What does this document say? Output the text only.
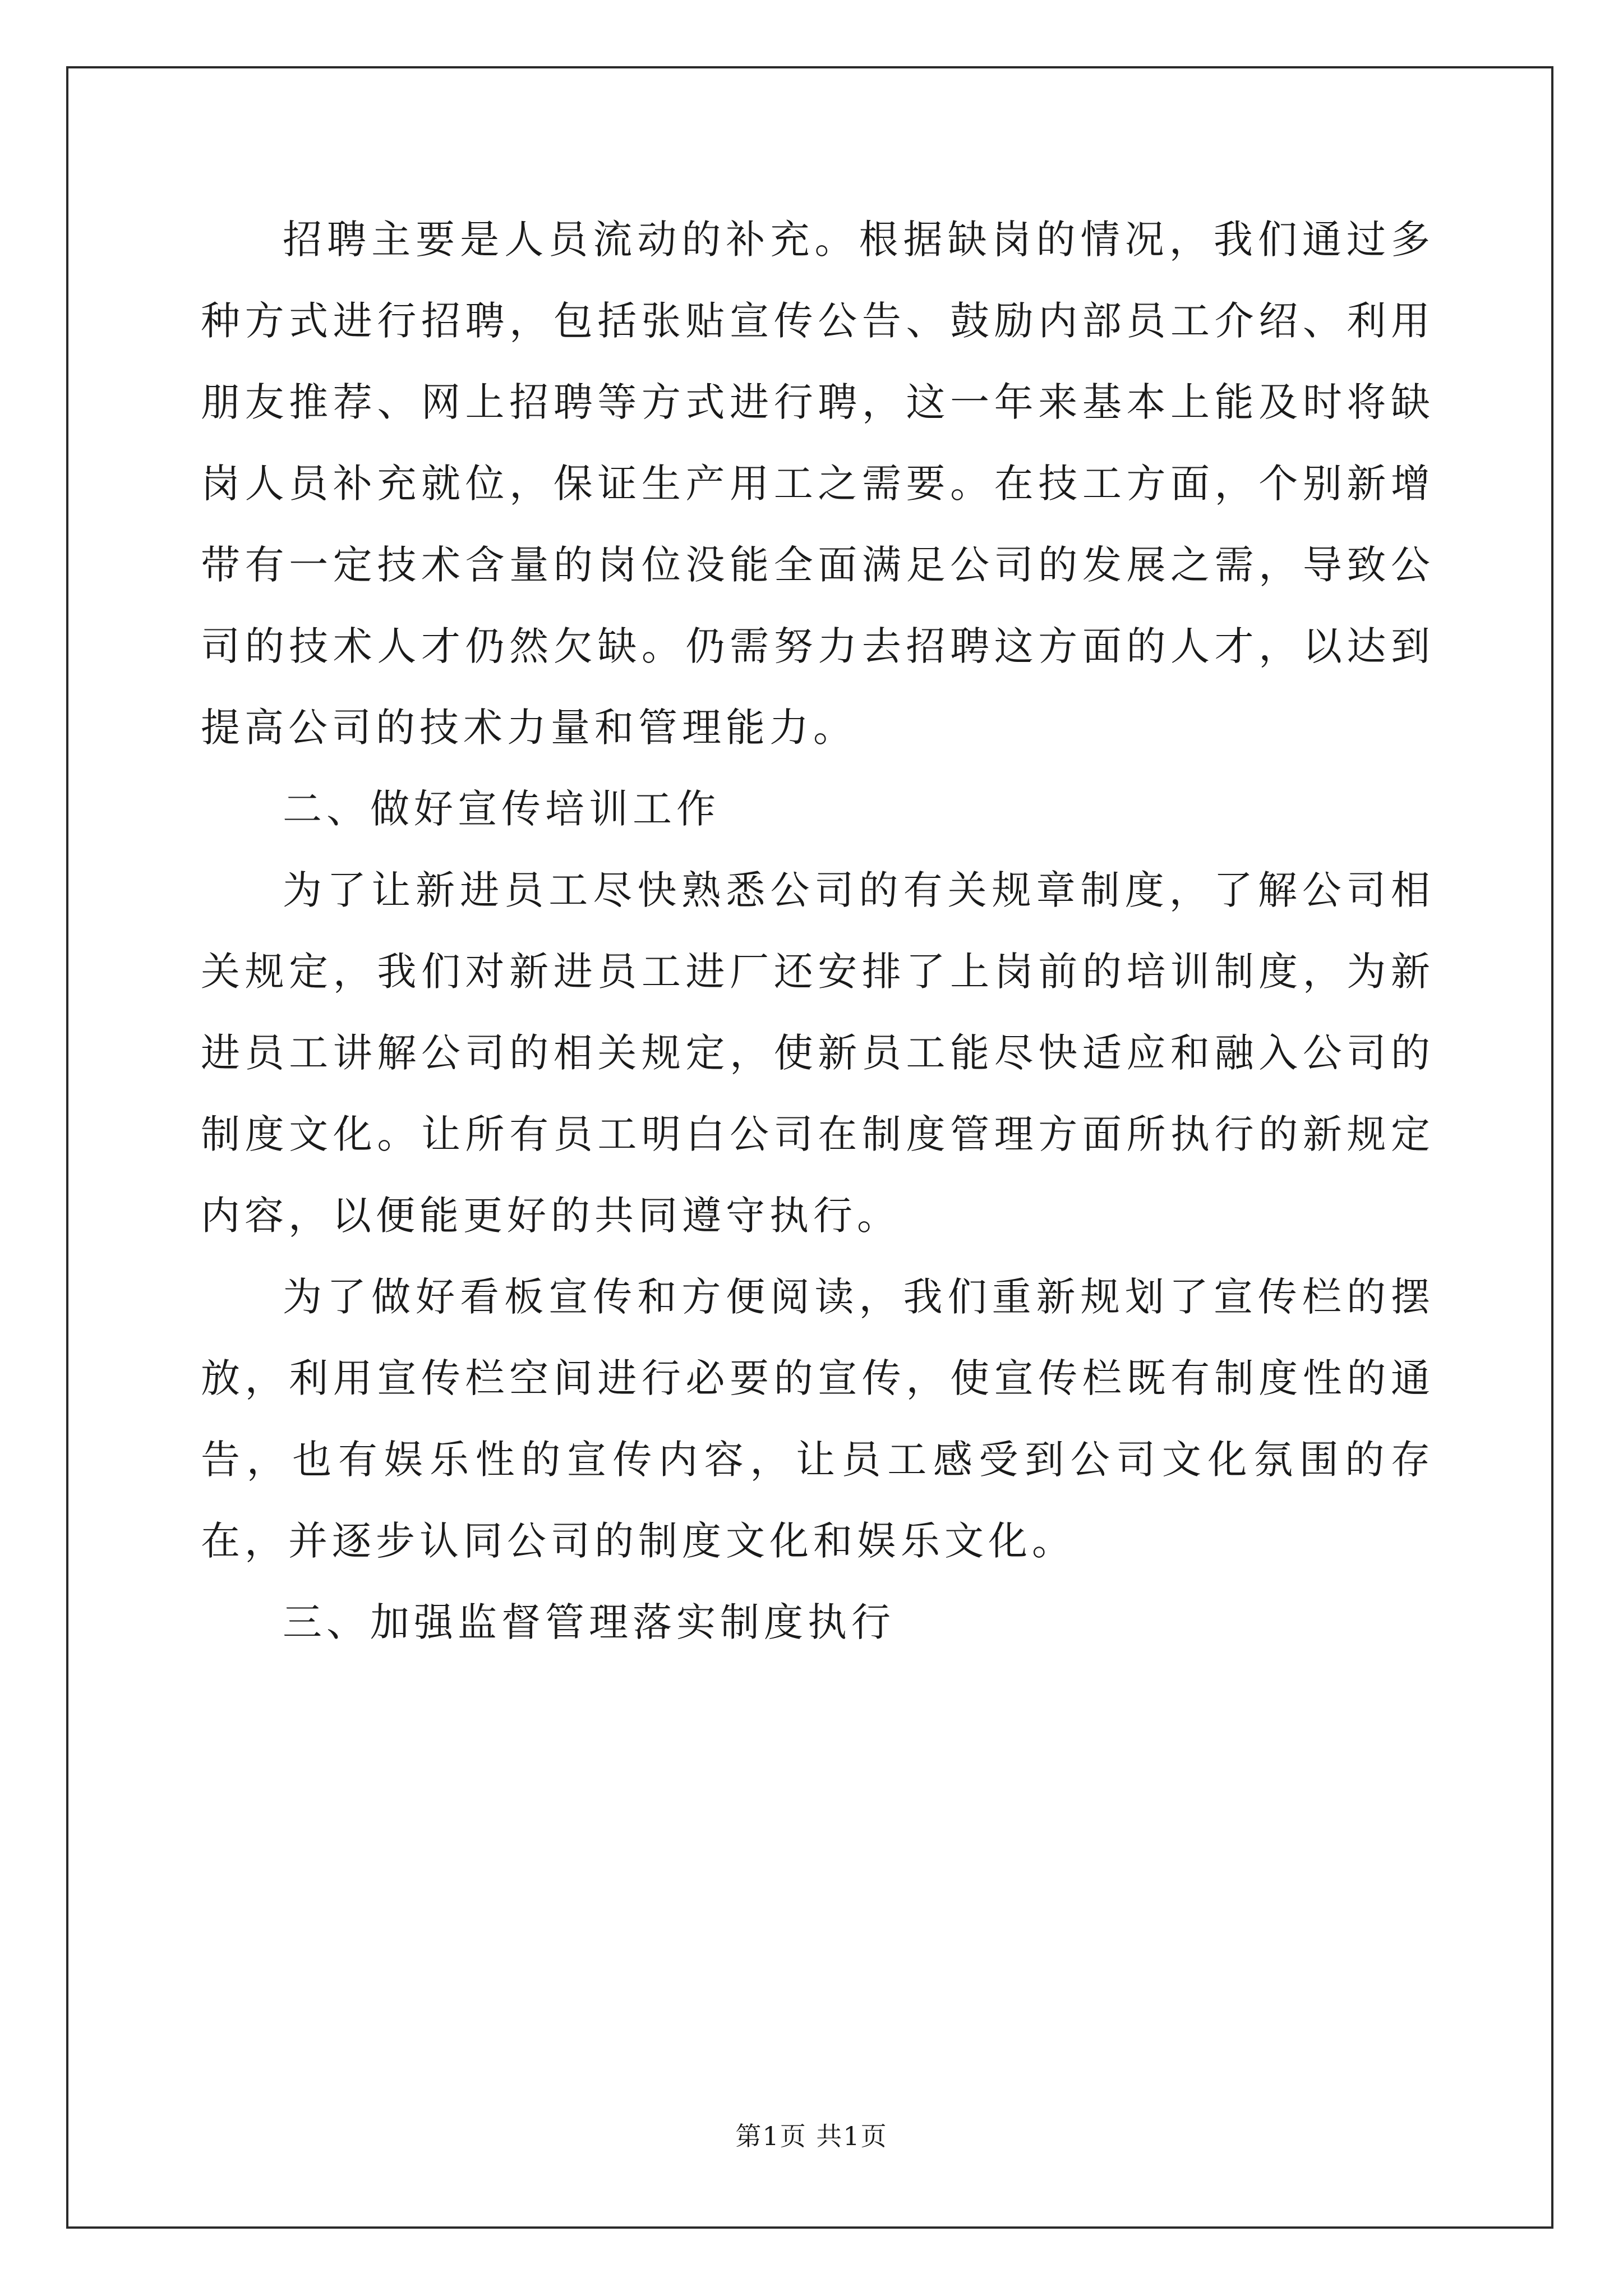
招聘主要是人员流动的补充。根据缺岗的情况，我们通过多种方式进行招聘，包括张贴宣传公告、鼓励内部员工介绍、利用朋友推荐、网上招聘等方式进行聘，这一年来基本上能及时将缺岗人员补充就位，保证生产用工之需要。在技工方面，个别新增带有一定技术含量的岗位没能全面满足公司的发展之需，导致公司的技术人才仍然欠缺。仍需努力去招聘这方面的人才，以达到提高公司的技术力量和管理能力。

二、做好宣传培训工作

为了让新进员工尽快熟悉公司的有关规章制度，了解公司相关规定，我们对新进员工进厂还安排了上岗前的培训制度，为新进员工讲解公司的相关规定，使新员工能尽快适应和融入公司的制度文化。让所有员工明白公司在制度管理方面所执行的新规定内容，以便能更好的共同遵守执行。

为了做好看板宣传和方便阅读，我们重新规划了宣传栏的摆放，利用宣传栏空间进行必要的宣传，使宣传栏既有制度性的通告，也有娱乐性的宣传内容，让员工感受到公司文化氛围的存在，并逐步认同公司的制度文化和娱乐文化。

三、加强监督管理落实制度执行

第1页 共1页
